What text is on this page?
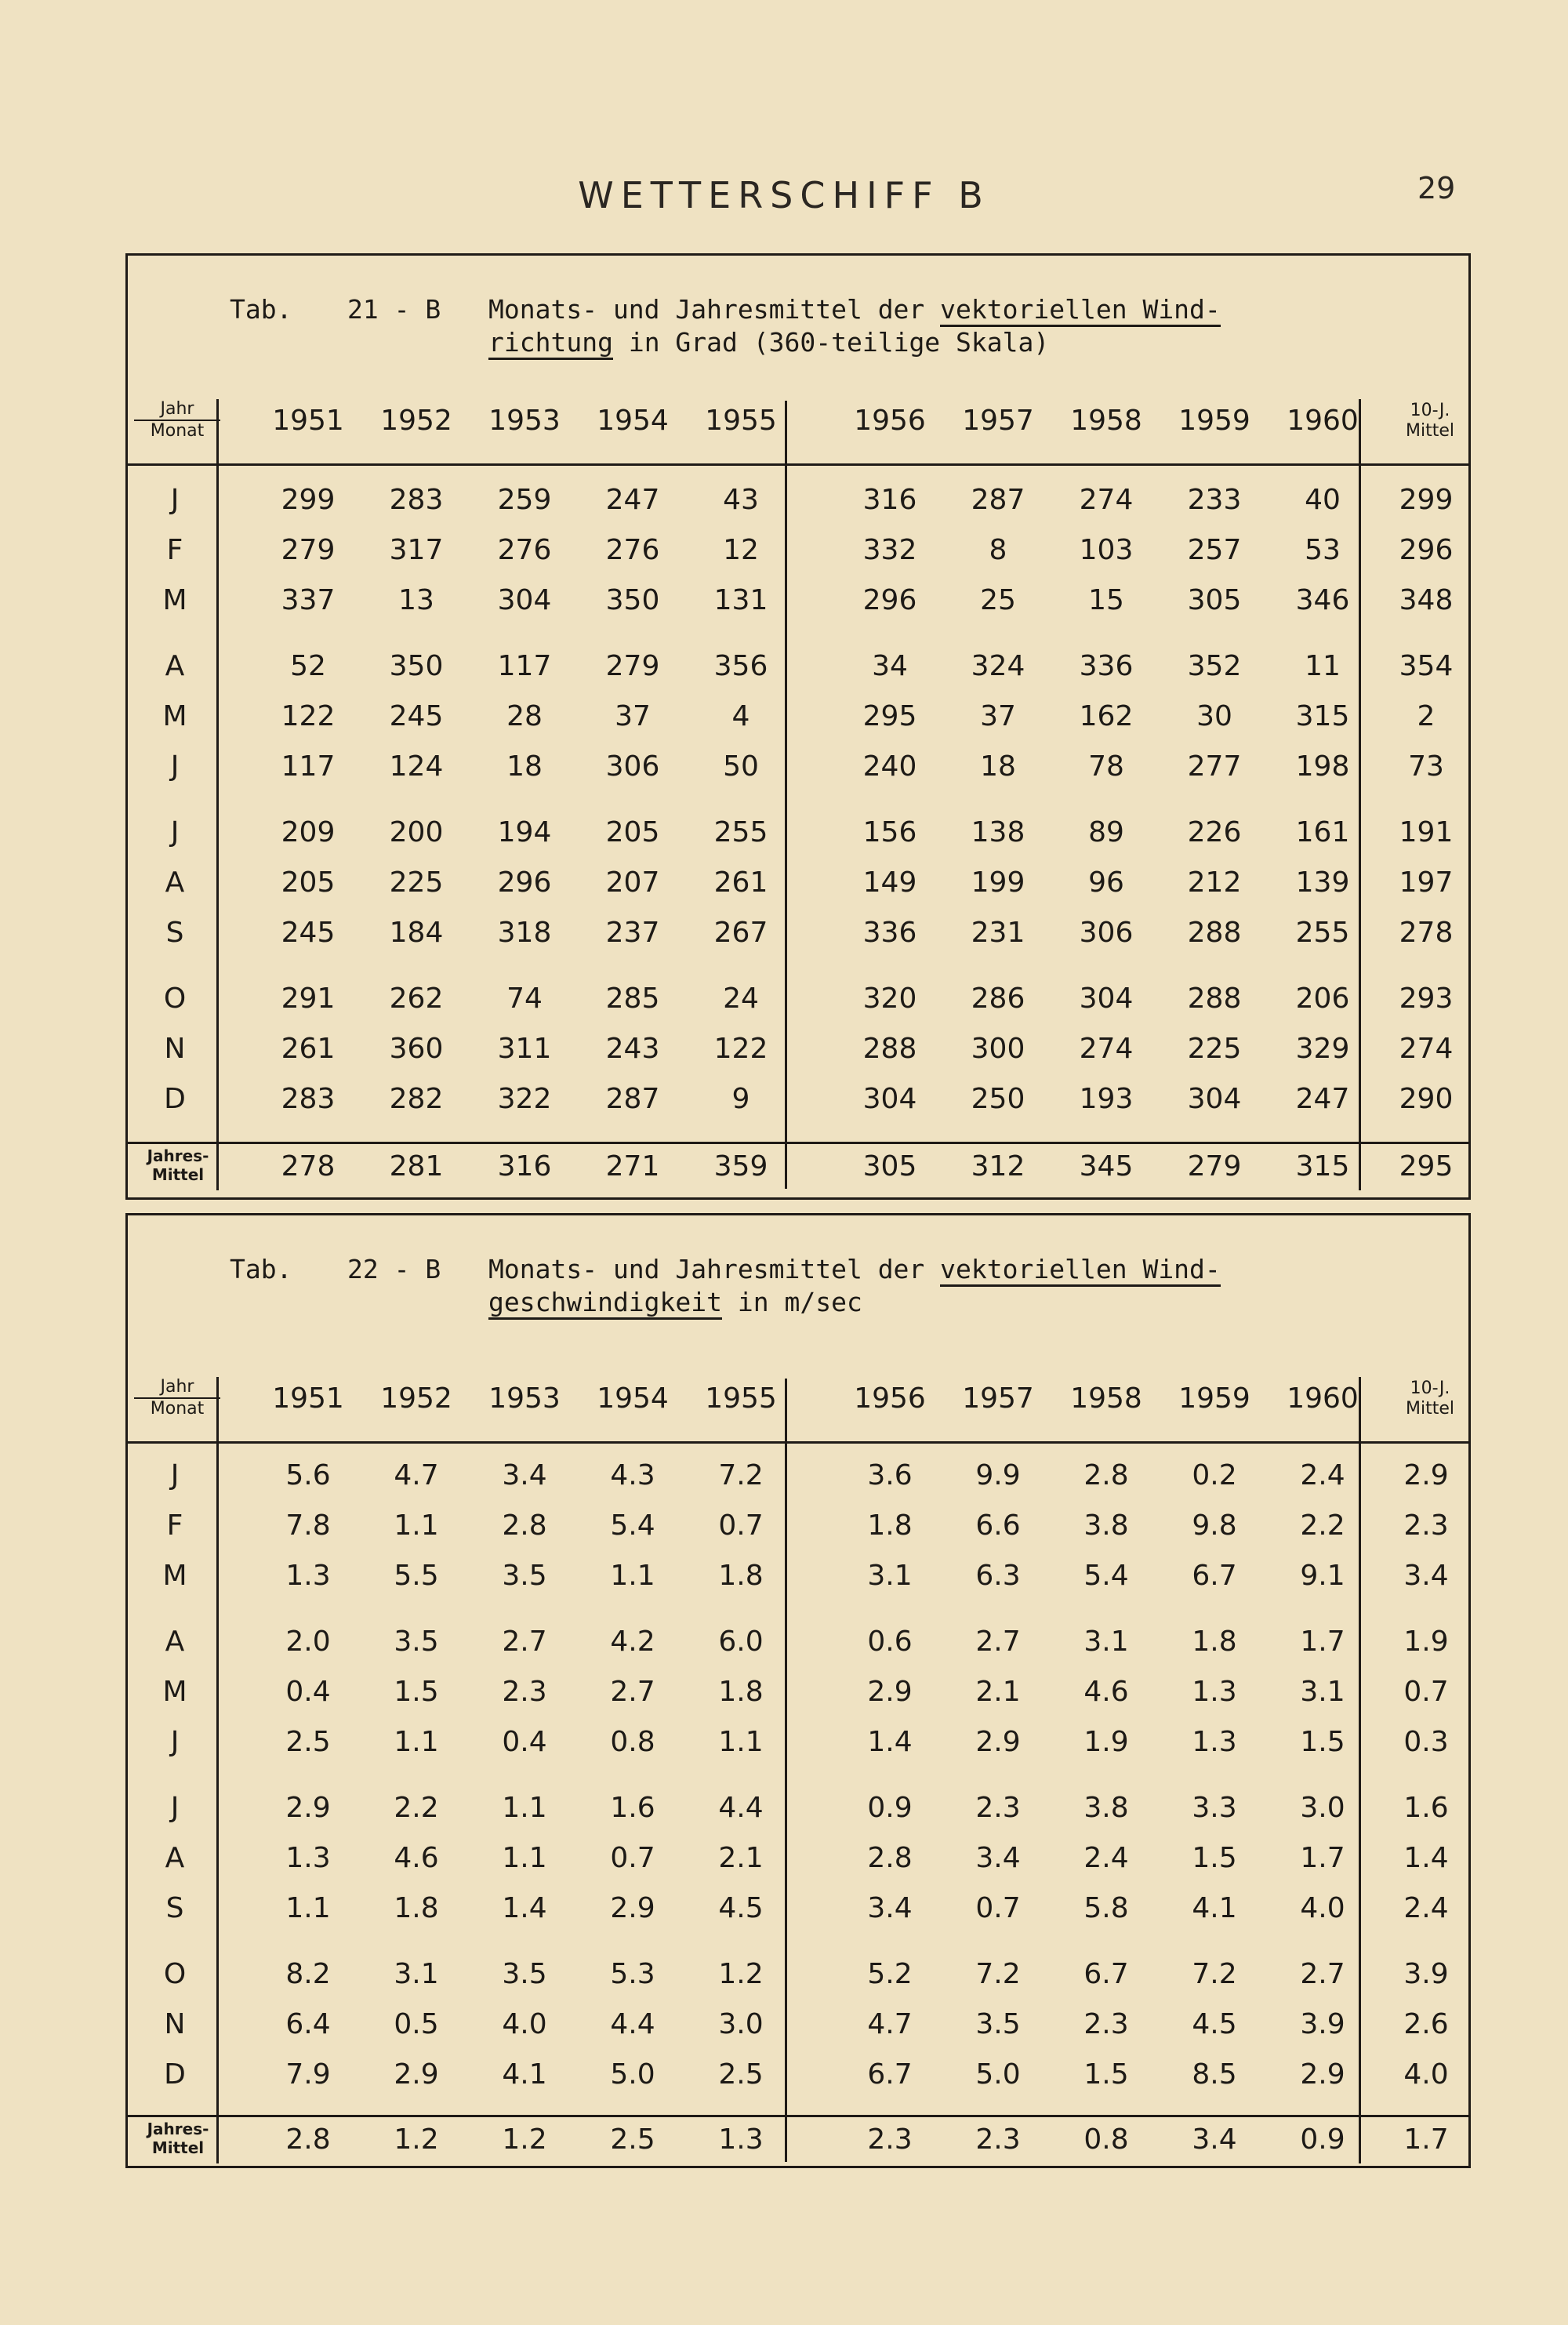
WETTERSCHIFF B	29
Tab. 21 - B Monats- und Jahresmittel der vektoriellen Wind-
richtung in Grad (360-teilige Skala)
Jahr
Monat	1951	1952	1953	1954	1955	1956	1957	1958	1959	1960	10-J.
Mittel
J	299	283	259	247	43	316	287	274	233	40	299
F	279	317	276	276	12	332	8	103	257	53	296
M	337	13	304	350	131	296	25	15	305	346	348
A	52	350	117	279	356	34	324	336	352	11	354
M	122	245	28	37	4	295	37	162	30	315	2
J	117	124	18	306	50	240	18	78	277	198	73
J	209	200	194	205	255	156	138	89	226	161	191
A	205	225	296	207	261	149	199	96	212	139	197
S	245	184	318	237	267	336	231	306	288	255	278
O	291	262	74	285	24	320	286	304	288	206	293
N	261	360	311	243	122	288	300	274	225	329	274
D	283	282	322	287	9	304	250	193	304	247	290
Jahres-
Mittel	278	281	316	271	359	305	312	345	279	315	295
Tab. 22 - B Monats- und Jahresmittel der vektoriellen Wind-
geschwindigkeit in m/sec
Jahr
Monat	1951	1952	1953	1954	1955	1956	1957	1958	1959	1960	10-J.
Mittel
J	5.6	4.7	3.4	4.3	7.2	3.6	9.9	2.8	0.2	2.4	2.9
F	7.8	1.1	2.8	5.4	0.7	1.8	6.6	3.8	9.8	2.2	2.3
M	1.3	5.5	3.5	1.1	1.8	3.1	6.3	5.4	6.7	9.1	3.4
A	2.0	3.5	2.7	4.2	6.0	0.6	2.7	3.1	1.8	1.7	1.9
M	0.4	1.5	2.3	2.7	1.8	2.9	2.1	4.6	1.3	3.1	0.7
J	2.5	1.1	0.4	0.8	1.1	1.4	2.9	1.9	1.3	1.5	0.3
J	2.9	2.2	1.1	1.6	4.4	0.9	2.3	3.8	3.3	3.0	1.6
A	1.3	4.6	1.1	0.7	2.1	2.8	3.4	2.4	1.5	1.7	1.4
S	1.1	1.8	1.4	2.9	4.5	3.4	0.7	5.8	4.1	4.0	2.4
O	8.2	3.1	3.5	5.3	1.2	5.2	7.2	6.7	7.2	2.7	3.9
N	6.4	0.5	4.0	4.4	3.0	4.7	3.5	2.3	4.5	3.9	2.6
D	7.9	2.9	4.1	5.0	2.5	6.7	5.0	1.5	8.5	2.9	4.0
Jahres-
Mittel	2.8	1.2	1.2	2.5	1.3	2.3	2.3	0.8	3.4	0.9	1.7
